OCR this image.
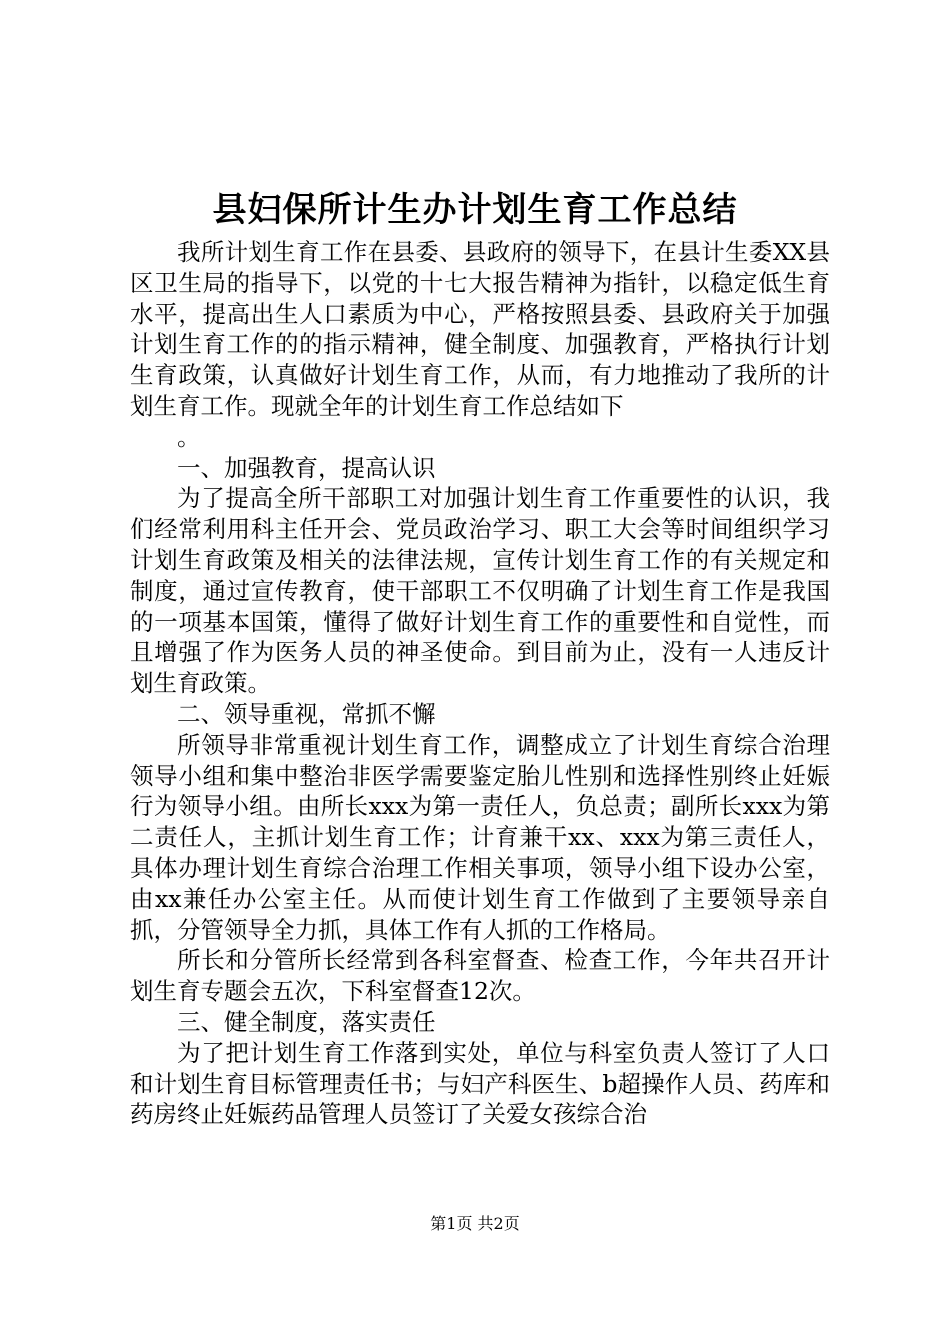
县妇保所计生办计划生育工作总结

我所计划生育工作在县委、县政府的领导下，在县计生委XX县区卫生局的指导下，以党的十七大报告精神为指针，以稳定低生育水平，提高出生人口素质为中心，严格按照县委、县政府关于加强计划生育工作的的指示精神，健全制度、加强教育，严格执行计划生育政策，认真做好计划生育工作，从而，有力地推动了我所的计划生育工作。现就全年的计划生育工作总结如下

。

一、加强教育，提高认识

为了提高全所干部职工对加强计划生育工作重要性的认识，我们经常利用科主任开会、党员政治学习、职工大会等时间组织学习计划生育政策及相关的法律法规，宣传计划生育工作的有关规定和制度，通过宣传教育，使干部职工不仅明确了计划生育工作是我国的一项基本国策，懂得了做好计划生育工作的重要性和自觉性，而且增强了作为医务人员的神圣使命。到目前为止，没有一人违反计划生育政策。

二、领导重视，常抓不懈

所领导非常重视计划生育工作，调整成立了计划生育综合治理领导小组和集中整治非医学需要鉴定胎儿性别和选择性别终止妊娠行为领导小组。由所长xxx为第一责任人，负总责；副所长xxx为第二责任人，主抓计划生育工作；计育兼干xx、xxx为第三责任人，具体办理计划生育综合治理工作相关事项，领导小组下设办公室，由xx兼任办公室主任。从而使计划生育工作做到了主要领导亲自抓，分管领导全力抓，具体工作有人抓的工作格局。

所长和分管所长经常到各科室督查、检查工作，今年共召开计划生育专题会五次，下科室督查12次。

三、健全制度，落实责任

为了把计划生育工作落到实处，单位与科室负责人签订了人口和计划生育目标管理责任书；与妇产科医生、b超操作人员、药库和药房终止妊娠药品管理人员签订了关爱女孩综合治

第1页 共2页
